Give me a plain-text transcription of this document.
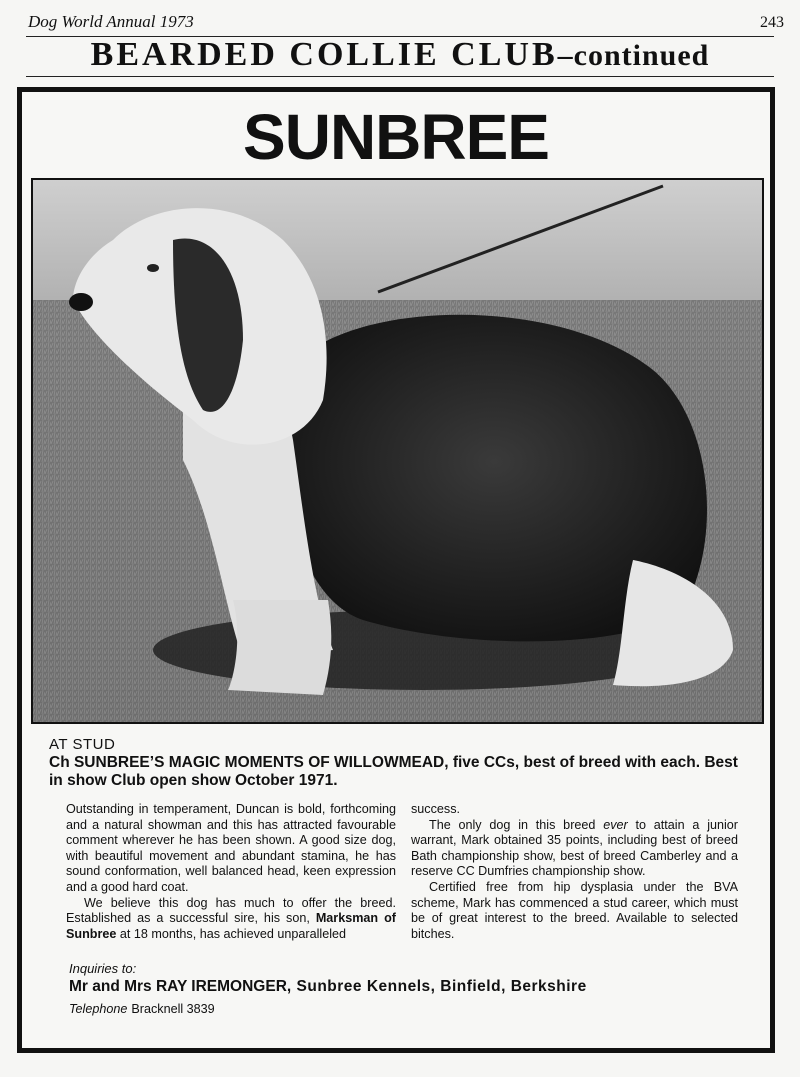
Dog World Annual 1973	243
BEARDED COLLIE CLUB–continued
SUNBREE
AT STUD
Ch SUNBREE’S MAGIC MOMENTS OF WILLOWMEAD, five CCs, best of breed with each. Best in show Club open show October 1971.

Outstanding in temperament, Duncan is bold, forthcoming and a natural showman and this has attracted favourable comment wherever he has been shown. A good size dog, with beautiful movement and abundant stamina, he has sound conformation, well balanced head, keen expression and a good hard coat.

We believe this dog has much to offer the breed. Established as a successful sire, his son, Marksman of Sunbree at 18 months, has achieved unparalleled

success.

The only dog in this breed ever to attain a junior warrant, Mark obtained 35 points, including best of breed Bath championship show, best of breed Camberley and a reserve CC Dumfries championship show.

Certified free from hip dysplasia under the BVA scheme, Mark has commenced a stud career, which must be of great interest to the breed. Available to selected bitches.

Inquiries to:
Mr and Mrs RAY IREMONGER, Sunbree Kennels, Binfield, Berkshire
Telephone Bracknell 3839
